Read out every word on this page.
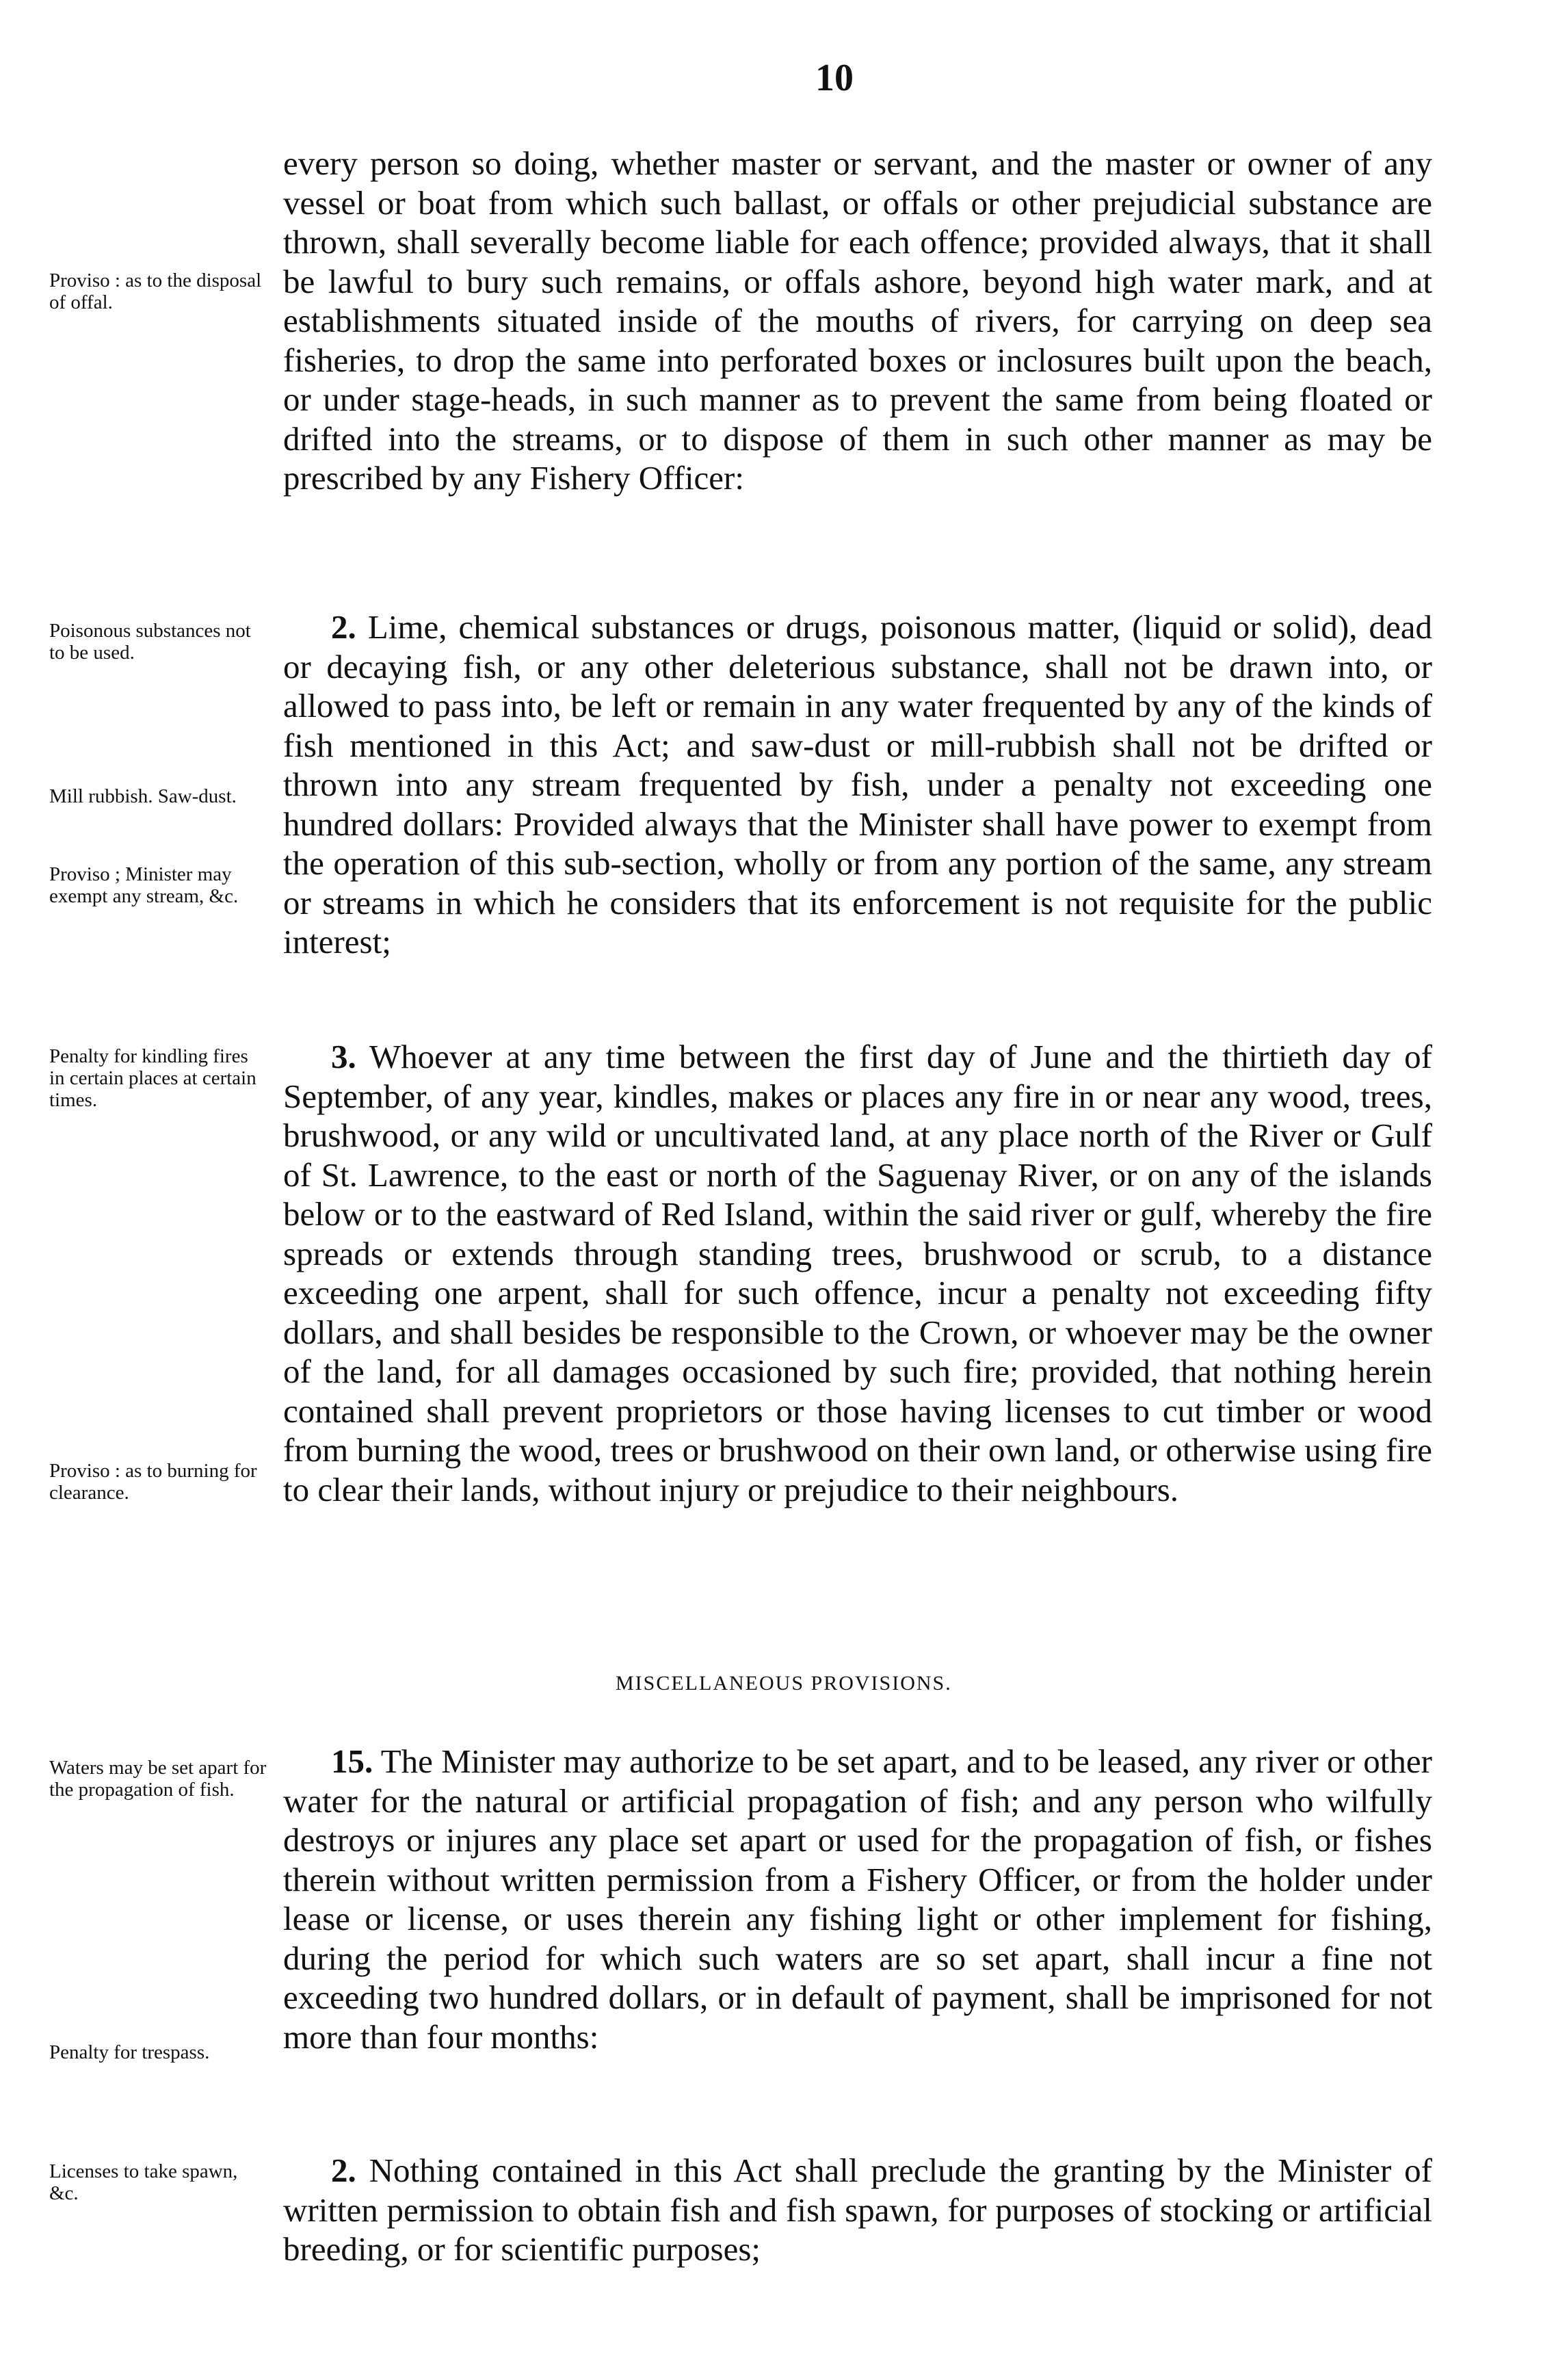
10

every person so doing, whether master or servant, and the master or owner of any vessel or boat from which such ballast, or offals or other prejudicial substance are thrown, shall severally become liable for each offence; provided always, that it shall be lawful to bury such remains, or offals ashore, beyond high water mark, and at establishments situated inside of the mouths of rivers, for carrying on deep sea fisheries, to drop the same into perforated boxes or inclosures built upon the beach, or under stage-heads, in such manner as to prevent the same from being floated or drifted into the streams, or to dispose of them in such other manner as may be prescribed by any Fishery Officer:

Proviso : as to the disposal of offal.

2. Lime, chemical substances or drugs, poisonous matter, (liquid or solid), dead or decaying fish, or any other deleterious substance, shall not be drawn into, or allowed to pass into, be left or remain in any water frequented by any of the kinds of fish mentioned in this Act; and saw-dust or mill-rubbish shall not be drifted or thrown into any stream frequented by fish, under a penalty not exceeding one hundred dollars: Provided always that the Minister shall have power to exempt from the operation of this sub-section, wholly or from any portion of the same, any stream or streams in which he considers that its enforcement is not requisite for the public interest;

Poisonous substances not to be used.
Mill rubbish. Saw-dust.
Proviso ; Minister may exempt any stream, &c.

3. Whoever at any time between the first day of June and the thirtieth day of September, of any year, kindles, makes or places any fire in or near any wood, trees, brushwood, or any wild or uncultivated land, at any place north of the River or Gulf of St. Lawrence, to the east or north of the Saguenay River, or on any of the islands below or to the eastward of Red Island, within the said river or gulf, whereby the fire spreads or extends through standing trees, brushwood or scrub, to a distance exceeding one arpent, shall for such offence, incur a penalty not exceeding fifty dollars, and shall besides be responsible to the Crown, or whoever may be the owner of the land, for all damages occasioned by such fire; provided, that nothing herein contained shall prevent proprietors or those having licenses to cut timber or wood from burning the wood, trees or brushwood on their own land, or otherwise using fire to clear their lands, without injury or prejudice to their neighbours.

Penalty for kindling fires in certain places at certain times.
Proviso : as to burning for clearance.
MISCELLANEOUS PROVISIONS.

15. The Minister may authorize to be set apart, and to be leased, any river or other water for the natural or artificial propagation of fish; and any person who wilfully destroys or injures any place set apart or used for the propagation of fish, or fishes therein without written permission from a Fishery Officer, or from the holder under lease or license, or uses therein any fishing light or other implement for fishing, during the period for which such waters are so set apart, shall incur a fine not exceeding two hundred dollars, or in default of payment, shall be imprisoned for not more than four months:

Waters may be set apart for the propagation of fish.
Penalty for trespass.

2. Nothing contained in this Act shall preclude the granting by the Minister of written permission to obtain fish and fish spawn, for purposes of stocking or artificial breeding, or for scientific purposes;

Licenses to take spawn, &c.
